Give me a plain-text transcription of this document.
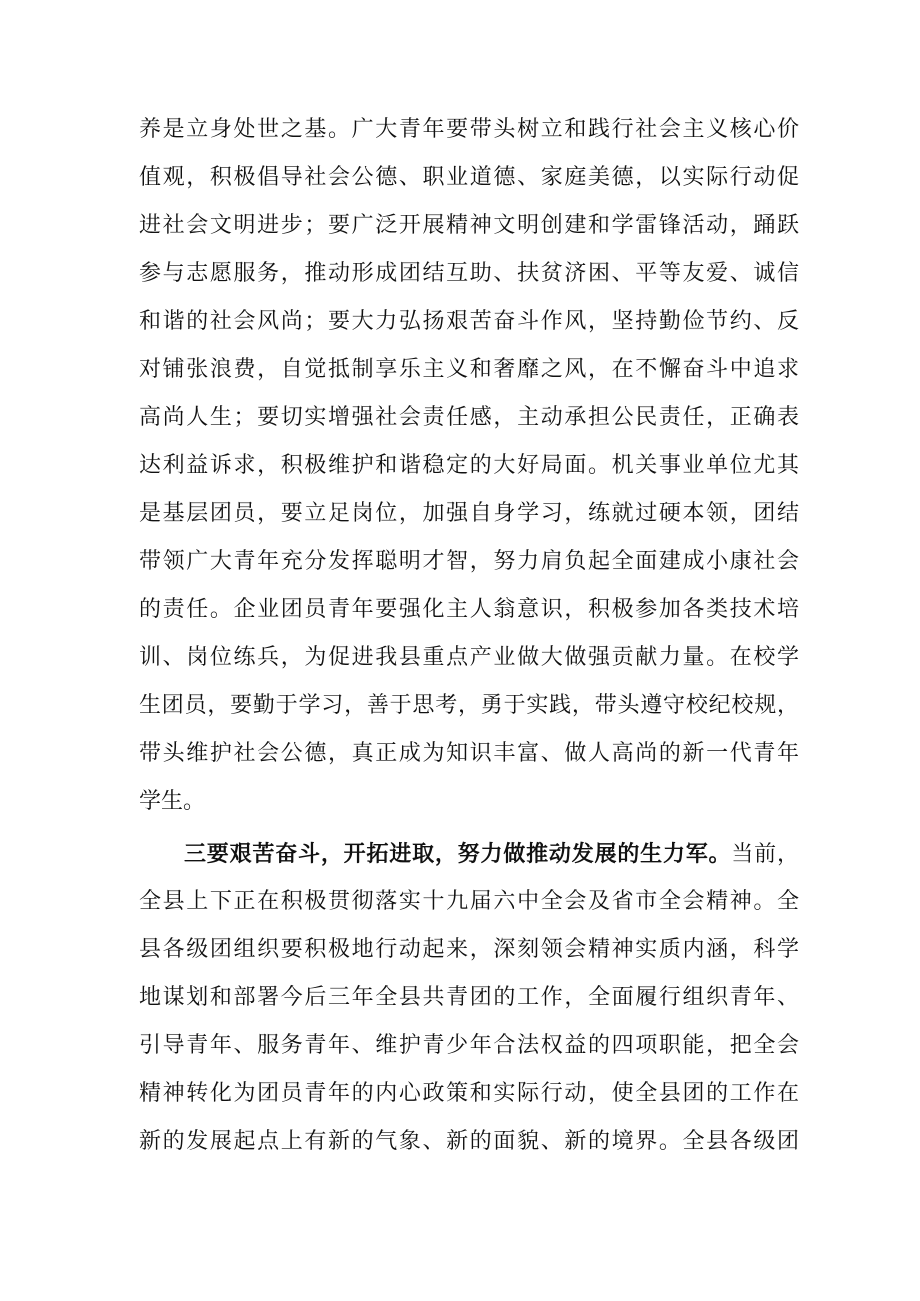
养是立身处世之基。广大青年要带头树立和践行社会主义核心价
值观，积极倡导社会公德、职业道德、家庭美德，以实际行动促
进社会文明进步；要广泛开展精神文明创建和学雷锋活动，踊跃
参与志愿服务，推动形成团结互助、扶贫济困、平等友爱、诚信
和谐的社会风尚；要大力弘扬艰苦奋斗作风，坚持勤俭节约、反
对铺张浪费，自觉抵制享乐主义和奢靡之风，在不懈奋斗中追求
高尚人生；要切实增强社会责任感，主动承担公民责任，正确表
达利益诉求，积极维护和谐稳定的大好局面。机关事业单位尤其
是基层团员，要立足岗位，加强自身学习，练就过硬本领，团结
带领广大青年充分发挥聪明才智，努力肩负起全面建成小康社会
的责任。企业团员青年要强化主人翁意识，积极参加各类技术培
训、岗位练兵，为促进我县重点产业做大做强贡献力量。在校学
生团员，要勤于学习，善于思考，勇于实践，带头遵守校纪校规，
带头维护社会公德，真正成为知识丰富、做人高尚的新一代青年
学生。
三要艰苦奋斗，开拓进取，努力做推动发展的生力军。当前，
全县上下正在积极贯彻落实十九届六中全会及省市全会精神。全
县各级团组织要积极地行动起来，深刻领会精神实质内涵，科学
地谋划和部署今后三年全县共青团的工作，全面履行组织青年、
引导青年、服务青年、维护青少年合法权益的四项职能，把全会
精神转化为团员青年的内心政策和实际行动，使全县团的工作在
新的发展起点上有新的气象、新的面貌、新的境界。全县各级团
